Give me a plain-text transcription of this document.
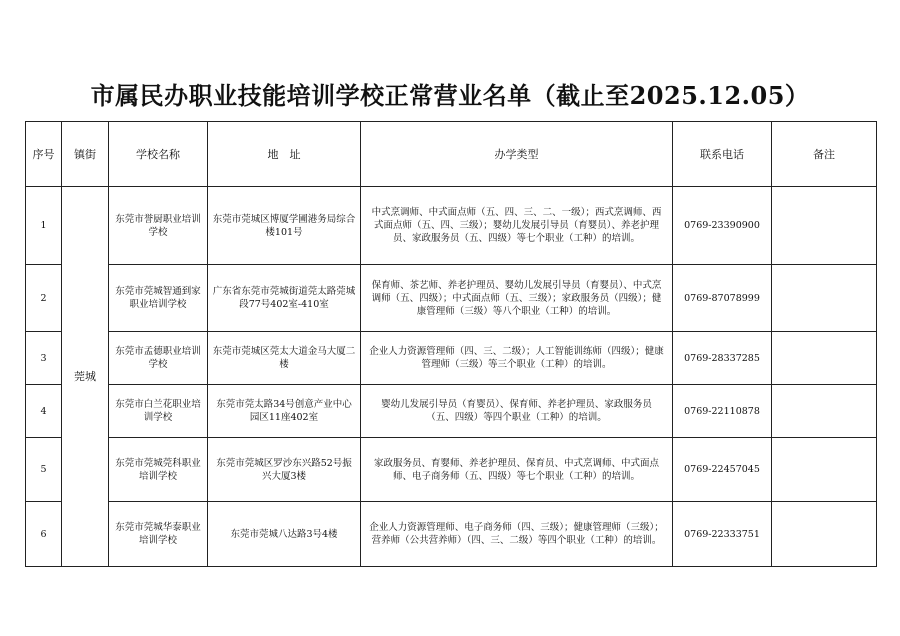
市属民办职业技能培训学校正常营业名单（截止至2025.12.05）
序号	镇街	学校名称	地　址	办学类型	联系电话	备注
1	莞城	东莞市誉厨职业培训学校	东莞市莞城区博厦学圃港务局综合楼101号	中式烹调师、中式面点师（五、四、三、二、一级）；西式烹调师、西式面点师（五、四、三级）；婴幼儿发展引导员（育婴员）、养老护理员、家政服务员（五、四级）等七个职业（工种）的培训。	0769-23390900	
2		东莞市莞城智通到家职业培训学校	广东省东莞市莞城街道莞太路莞城段77号402室-410室	保育师、茶艺师、养老护理员、婴幼儿发展引导员（育婴员）、中式烹调师（五、四级）；中式面点师（五、三级）；家政服务员（四级）；健康管理师（三级）等八个职业（工种）的培训。	0769-87078999	
3		东莞市孟德职业培训学校	东莞市莞城区莞太大道金马大厦二楼	企业人力资源管理师（四、三、二级）；人工智能训练师（四级）；健康管理师（三级）等三个职业（工种）的培训。	0769-28337285	
4		东莞市白兰花职业培训学校	东莞市莞太路34号创意产业中心园区11座402室	婴幼儿发展引导员（育婴员）、保育师、养老护理员、家政服务员（五、四级）等四个职业（工种）的培训。	0769-22110878	
5		东莞市莞城莞科职业培训学校	东莞市莞城区罗沙东兴路52号振兴大厦3楼	家政服务员、育婴师、养老护理员、保育员、中式烹调师、中式面点师、电子商务师（五、四级）等七个职业（工种）的培训。	0769-22457045	
6		东莞市莞城华泰职业培训学校	东莞市莞城八达路3号4楼	企业人力资源管理师、电子商务师（四、三级）；健康管理师（三级）；营养师（公共营养师）（四、三、二级）等四个职业（工种）的培训。	0769-22333751	
